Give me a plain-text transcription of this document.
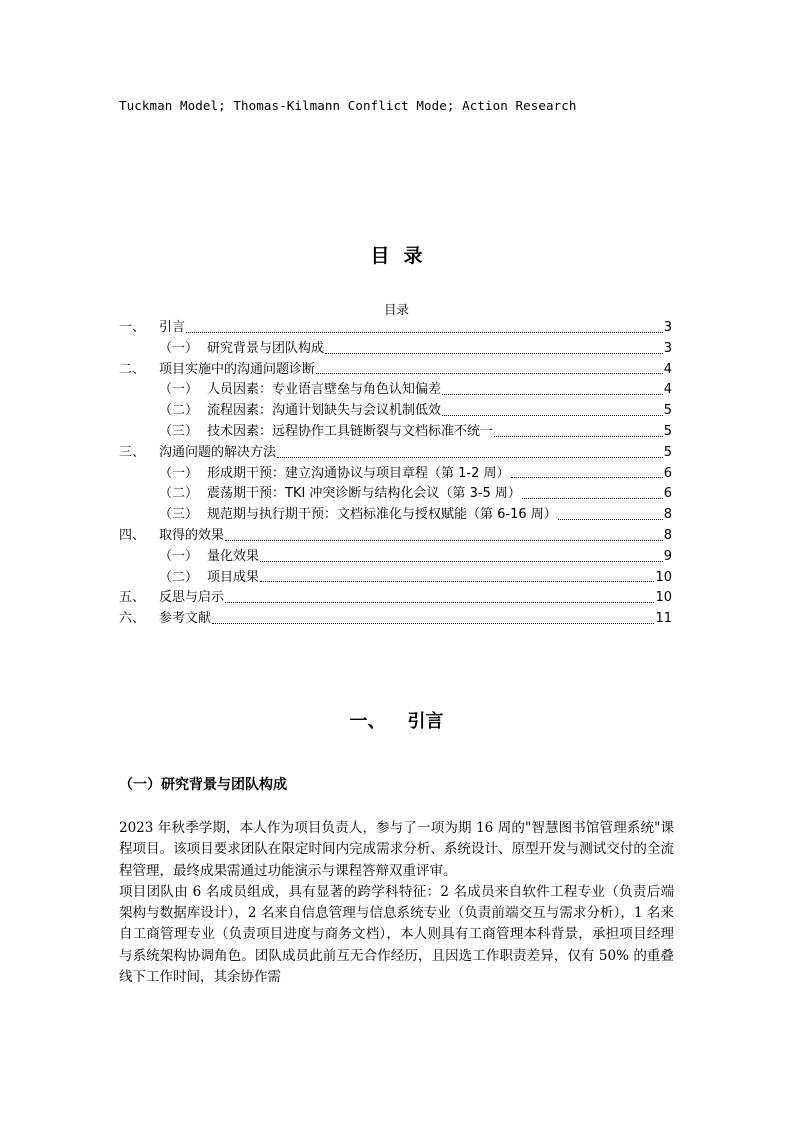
Tuckman Model; Thomas-Kilmann Conflict Mode; Action Research
目录
目录
一、	引言	3
（一） 研究背景与团队构成	3
二、	项目实施中的沟通问题诊断	4
（一） 人员因素：专业语言壁垒与角色认知偏差	4
（二） 流程因素：沟通计划缺失与会议机制低效	5
（三） 技术因素：远程协作工具链断裂与文档标准不统一	5
三、	沟通问题的解决方法	5
（一） 形成期干预：建立沟通协议与项目章程（第 1-2 周）	6
（二） 震荡期干预：TKI 冲突诊断与结构化会议（第 3-5 周）	6
（三） 规范期与执行期干预：文档标准化与授权赋能（第 6-16 周）	8
四、	取得的效果	8
（一） 量化效果	9
（二） 项目成果	10
五、	反思与启示	10
六、	参考文献	11
一、 引言
（一）研究背景与团队构成

2023 年秋季学期，本人作为项目负责人，参与了一项为期 16 周的"智慧图书馆管理系统"课程项目。该项目要求团队在限定时间内完成需求分析、系统设计、原型开发与测试交付的全流程管理，最终成果需通过功能演示与课程答辩双重评审。

项目团队由 6 名成员组成，具有显著的跨学科特征：2 名成员来自软件工程专业（负责后端架构与数据库设计），2 名来自信息管理与信息系统专业（负责前端交互与需求分析），1 名来自工商管理专业（负责项目进度与商务文档），本人则具有工商管理本科背景，承担项目经理与系统架构协调角色。团队成员此前互无合作经历，且因选工作职责差异，仅有 50% 的重叠线下工作时间，其余协作需
